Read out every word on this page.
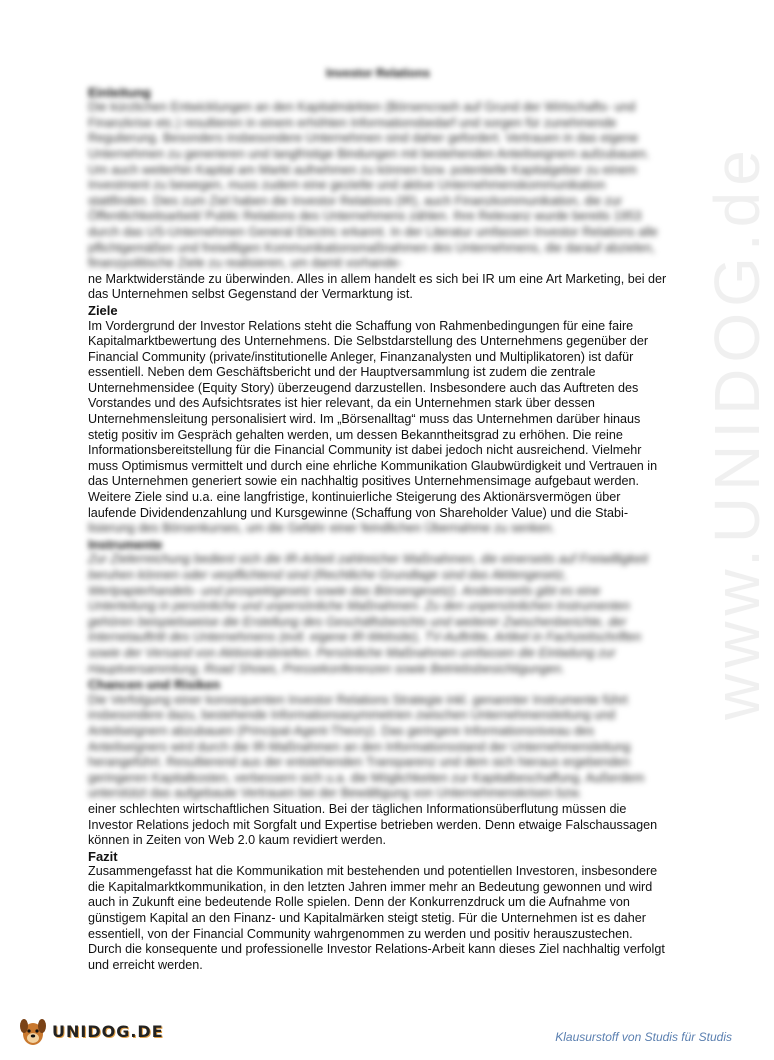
www.UNIDOG.de
Investor Relations

Einleitung

Die kürzlichen Entwicklungen an den Kapitalmärkten (Börsencrash auf Grund der Wirtschafts- und Finanzkrise etc.) resultieren in einem erhöhten Informationsbedarf und sorgen für zunehmende Regulierung. Besonders insbesondere Unternehmen sind daher gefordert. Vertrauen in das eigene Unternehmen zu generieren und langfristige Bindungen mit bestehenden Anteilseignern aufzubauen. Um auch weiterhin Kapital am Markt aufnehmen zu können bzw. potentielle Kapitalgeber zu einem Investment zu bewegen, muss zudem eine gezielte und aktive Unternehmenskommunikation stattfinden. Dies zum Ziel haben die Investor Relations (IR), auch Finanzkommunikation, die zur Öffentlichkeitsarbeit/ Public Relations des Unternehmens zählen. Ihre Relevanz wurde bereits 1953 durch das US-Unternehmen General Electric erkannt. In der Literatur umfassen Investor Relations alle pflichtgemäßen und freiwilligen Kommunikationsmaßnahmen des Unternehmens, die darauf abzielen, finanzpolitische Ziele zu realisieren, um damit vorhande-

ne Marktwiderstände zu überwinden. Alles in allem handelt es sich bei IR um eine Art Marketing, bei der das Unternehmen selbst Gegenstand der Vermarktung ist.

Ziele

Im Vordergrund der Investor Relations steht die Schaffung von Rahmenbedingungen für eine faire Kapitalmarktbewertung des Unternehmens. Die Selbstdarstellung des Unternehmens gegenüber der Financial Community (private/institutionelle Anleger, Finanzanalysten und Multiplikatoren) ist dafür essentiell. Neben dem Geschäftsbericht und der Hauptversammlung ist zudem die zentrale Unternehmensidee (Equity Story) überzeugend darzustellen. Insbesondere auch das Auftreten des Vorstandes und des Aufsichtsrates ist hier relevant, da ein Unternehmen stark über dessen Unternehmensleitung personalisiert wird. Im „Börsenalltag“ muss das Unternehmen darüber hinaus stetig positiv im Gespräch gehalten werden, um dessen Bekanntheitsgrad zu erhöhen. Die reine Informationsbereitstellung für die Financial Community ist dabei jedoch nicht ausreichend. Vielmehr muss Optimismus vermittelt und durch eine ehrliche Kommunikation Glaubwürdigkeit und Vertrauen in das Unternehmen generiert sowie ein nachhaltig positives Unternehmensimage aufgebaut werden.

Weitere Ziele sind u.a. eine langfristige, kontinuierliche Steigerung des Aktionärsvermögen über laufende Dividendenzahlung und Kursgewinne (Schaffung von Shareholder Value) und die Stabi-

lisierung des Börsenkurses, um die Gefahr einer feindlichen Übernahme zu senken.

Instrumente

Zur Zielerreichung bedient sich die IR-Arbeit zahlreicher Maßnahmen, die einerseits auf Freiwilligkeit beruhen können oder verpflichtend sind (Rechtliche Grundlage sind das Aktiengesetz, Wertpapierhandels- und prospektgesetz sowie das Börsengesetz). Andererseits gibt es eine Unterteilung in persönliche und unpersönliche Maßnahmen. Zu den unpersönlichen Instrumenten gehören beispielsweise die Erstellung des Geschäftsberichts und weiterer Zwischenberichte, der Internetauftritt des Unternehmens (evtl. eigene IR-Website), TV-Auftritte, Artikel in Fachzeitschriften sowie der Versand von Aktionärsbriefen. Persönliche Maßnahmen umfassen die Einladung zur Hauptversammlung, Road Shows, Pressekonferenzen sowie Betriebsbesichtigungen.

Chancen und Risiken

Die Verfolgung einer konsequenten Investor Relations Strategie inkl. genannter Instrumente führt insbesondere dazu, bestehende Informationsasymmetrien zwischen Unternehmensleitung und Anteilseignern abzubauen (Principal-Agent-Theory). Das geringere Informationsniveau des Anteilseigners wird durch die IR-Maßnahmen an den Informationsstand der Unternehmensleitung herangeführt. Resultierend aus der entstehenden Transparenz und dem sich hieraus ergebenden geringeren Kapitalkosten, verbessern sich u.a. die Möglichkeiten zur Kapitalbeschaffung. Außerdem unterstützt das aufgebaute Vertrauen bei der Bewältigung von Unternehmenskrisen bzw.

einer schlechten wirtschaftlichen Situation. Bei der täglichen Informationsüberflutung müssen die Investor Relations jedoch mit Sorgfalt und Expertise betrieben werden. Denn etwaige Falschaussagen können in Zeiten von Web 2.0 kaum revidiert werden.

Fazit

Zusammengefasst hat die Kommunikation mit bestehenden und potentiellen Investoren, insbesondere die Kapitalmarktkommunikation, in den letzten Jahren immer mehr an Bedeutung gewonnen und wird auch in Zukunft eine bedeutende Rolle spielen. Denn der Konkurrenzdruck um die Aufnahme von günstigem Kapital an den Finanz- und Kapitalmärken steigt stetig. Für die Unternehmen ist es daher essentiell, von der Financial Community wahrgenommen zu werden und positiv herauszustechen. Durch die konsequente und professionelle Investor Relations-Arbeit kann dieses Ziel nachhaltig verfolgt und erreicht werden.

UNIDOG.DE	Klausurstoff von Studis für Studis
